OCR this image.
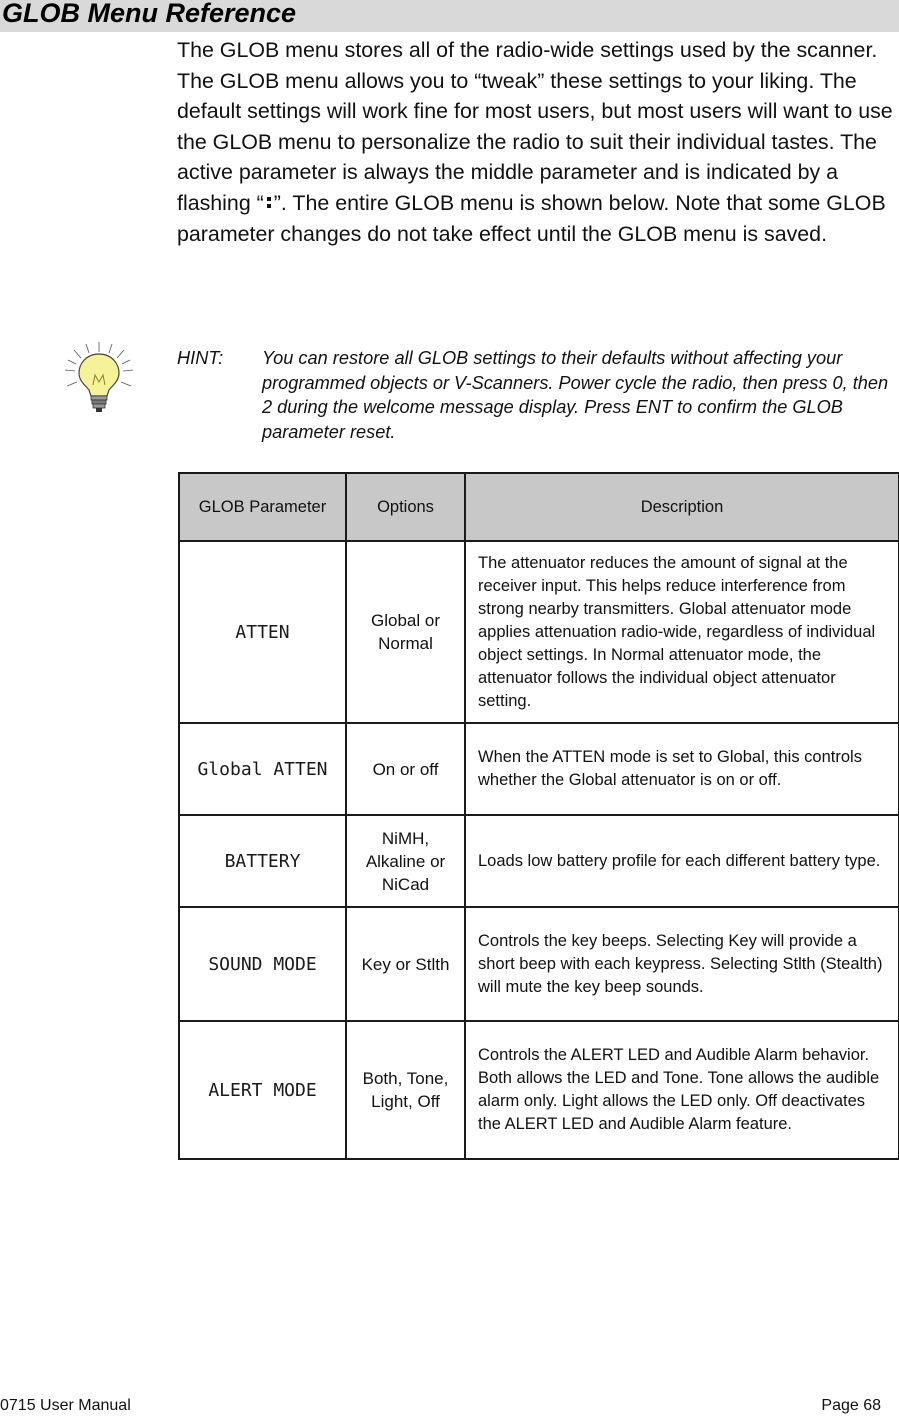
GLOB Menu Reference

The GLOB menu stores all of the radio-wide settings used by the scanner. The GLOB menu allows you to “tweak” these settings to your liking. The default settings will work fine for most users, but most users will want to use the GLOB menu to personalize the radio to suit their individual tastes. The active parameter is always the middle parameter and is indicated by a flashing “ ”. The entire GLOB menu is shown below. Note that some GLOB parameter changes do not take effect until the GLOB menu is saved.

HINT: You can restore all GLOB settings to their defaults without affecting your programmed objects or V-Scanners. Power cycle the radio, then press 0, then 2 during the welcome message display. Press ENT to confirm the GLOB parameter reset.

GLOB Parameter	Options	Description
ATTEN	Global or Normal	The attenuator reduces the amount of signal at the receiver input. This helps reduce interference from strong nearby transmitters. Global attenuator mode applies attenuation radio-wide, regardless of individual object settings. In Normal attenuator mode, the attenuator follows the individual object attenuator setting.
Global ATTEN	On or off	When the ATTEN mode is set to Global, this controls whether the Global attenuator is on or off.
BATTERY	NiMH, Alkaline or NiCad	Loads low battery profile for each different battery type.
SOUND MODE	Key or Stlth	Controls the key beeps. Selecting Key will provide a short beep with each keypress. Selecting Stlth (Stealth) will mute the key beep sounds.
ALERT MODE	Both, Tone, Light, Off	Controls the ALERT LED and Audible Alarm behavior. Both allows the LED and Tone. Tone allows the audible alarm only. Light allows the LED only. Off deactivates the ALERT LED and Audible Alarm feature.
0715 User Manual	Page 68
